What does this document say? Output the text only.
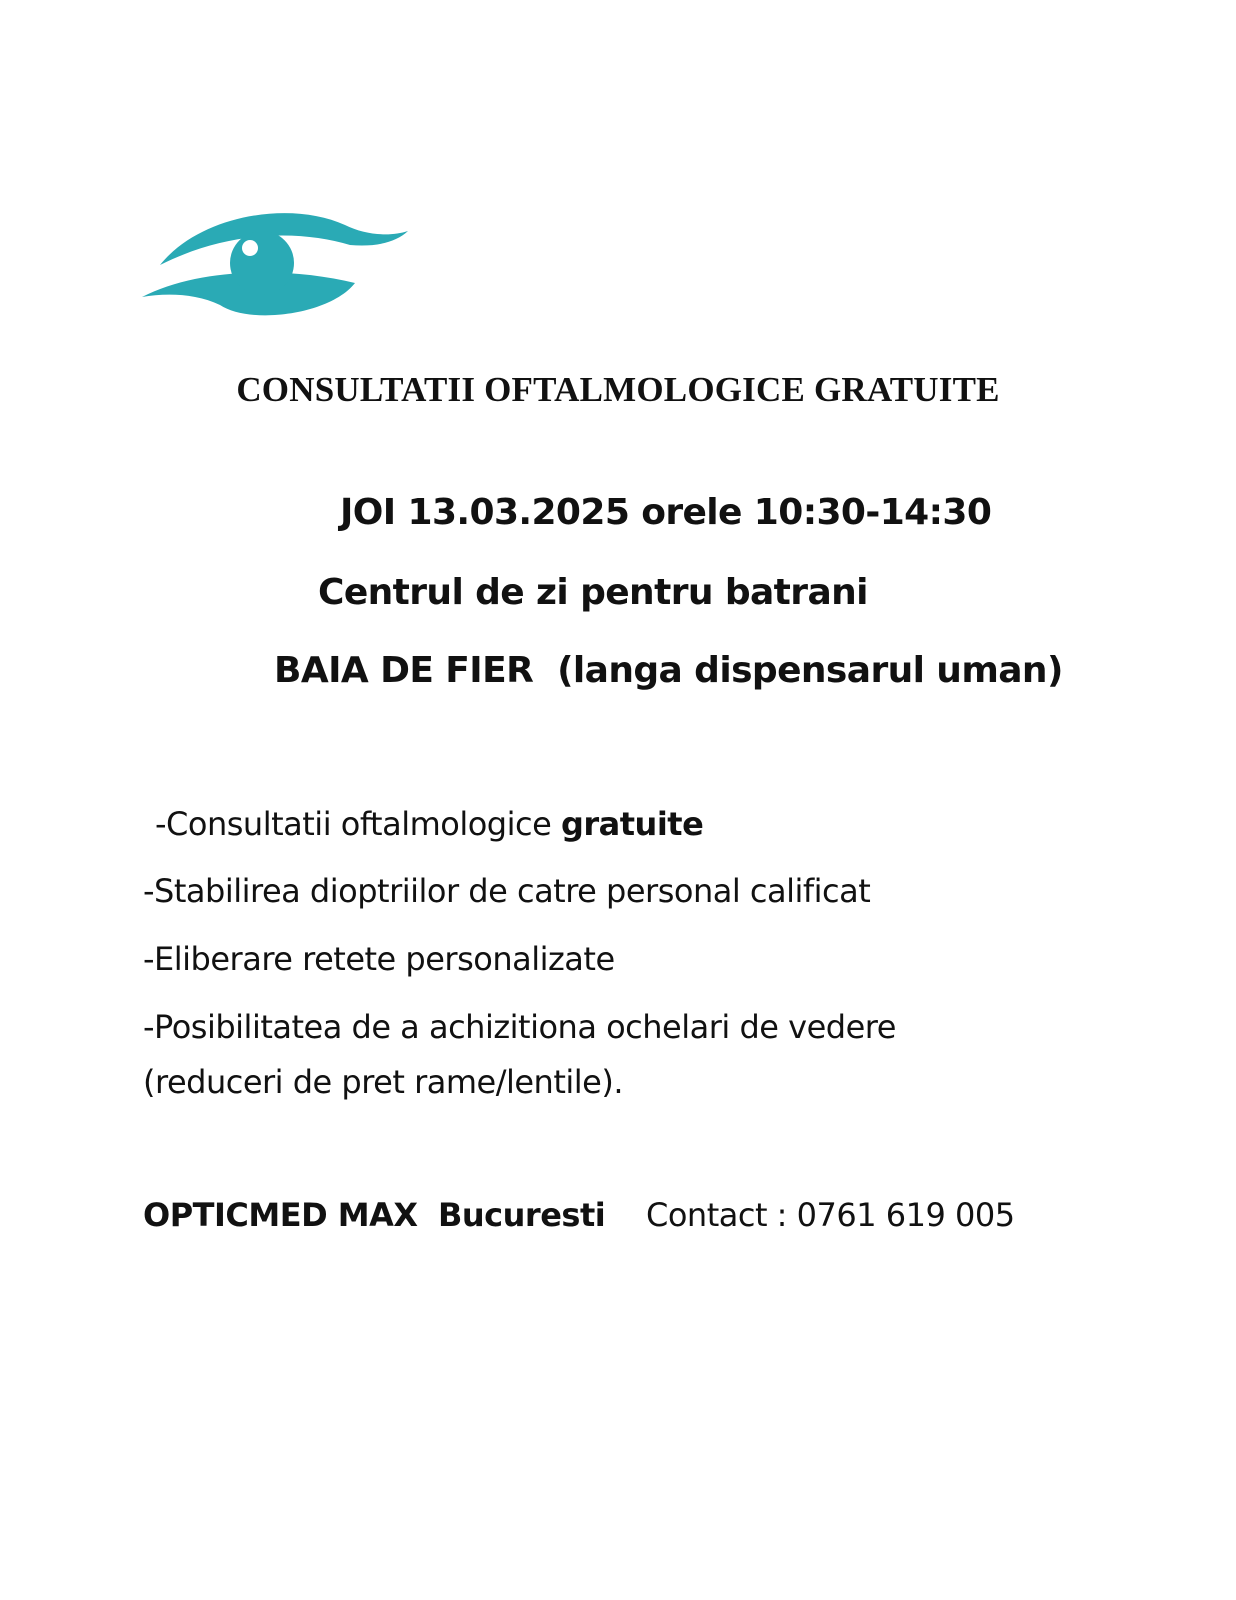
CONSULTATII OFTALMOLOGICE GRATUITE

JOI 13.03.2025 orele 10:30-14:30

Centrul de zi pentru batrani

BAIA DE FIER  (langa dispensarul uman)

-Consultatii oftalmologice gratuite

-Stabilirea dioptriilor de catre personal calificat

-Eliberare retete personalizate

-Posibilitatea de a achizitiona ochelari de vedere

(reduceri de pret rame/lentile).

OPTICMED MAX Bucuresti Contact : 0761 619 005
